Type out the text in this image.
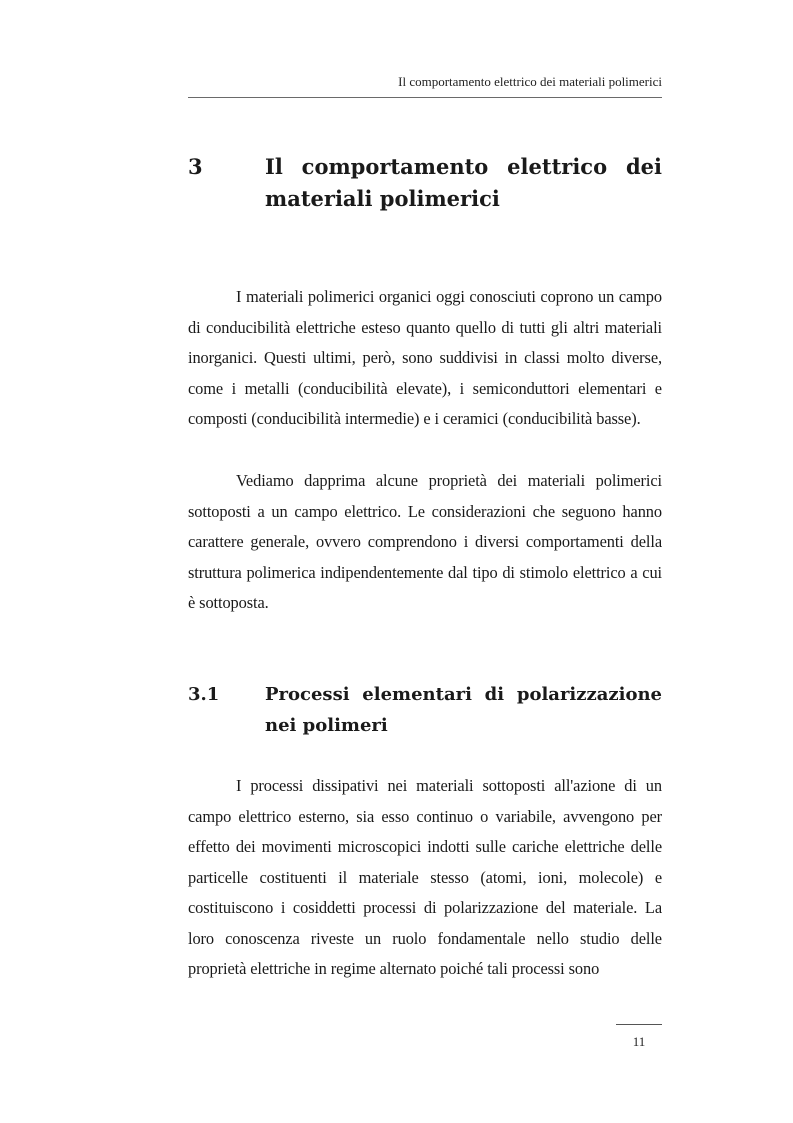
Il comportamento elettrico dei materiali polimerici
3	Il comportamento elettrico dei materiali polimerici

I materiali polimerici organici oggi conosciuti coprono un campo di conducibilità elettriche esteso quanto quello di tutti gli altri materiali inorganici. Questi ultimi, però, sono suddivisi in classi molto diverse, come i metalli (conducibilità elevate), i semiconduttori elementari e composti (conducibilità intermedie) e i ceramici (conducibilità basse).

Vediamo dapprima alcune proprietà dei materiali polimerici sottoposti a un campo elettrico. Le considerazioni che seguono hanno carattere generale, ovvero comprendono i diversi comportamenti della struttura polimerica indipendentemente dal tipo di stimolo elettrico a cui è sottoposta.

3.1	Processi elementari di polarizzazione nei polimeri

I processi dissipativi nei materiali sottoposti all'azione di un campo elettrico esterno, sia esso continuo o variabile, avvengono per effetto dei movimenti microscopici indotti sulle cariche elettriche delle particelle costituenti il materiale stesso (atomi, ioni, molecole) e costituiscono i cosiddetti processi di polarizzazione del materiale. La loro conoscenza riveste un ruolo fondamentale nello studio delle proprietà elettriche in regime alternato poiché tali processi sono

11
